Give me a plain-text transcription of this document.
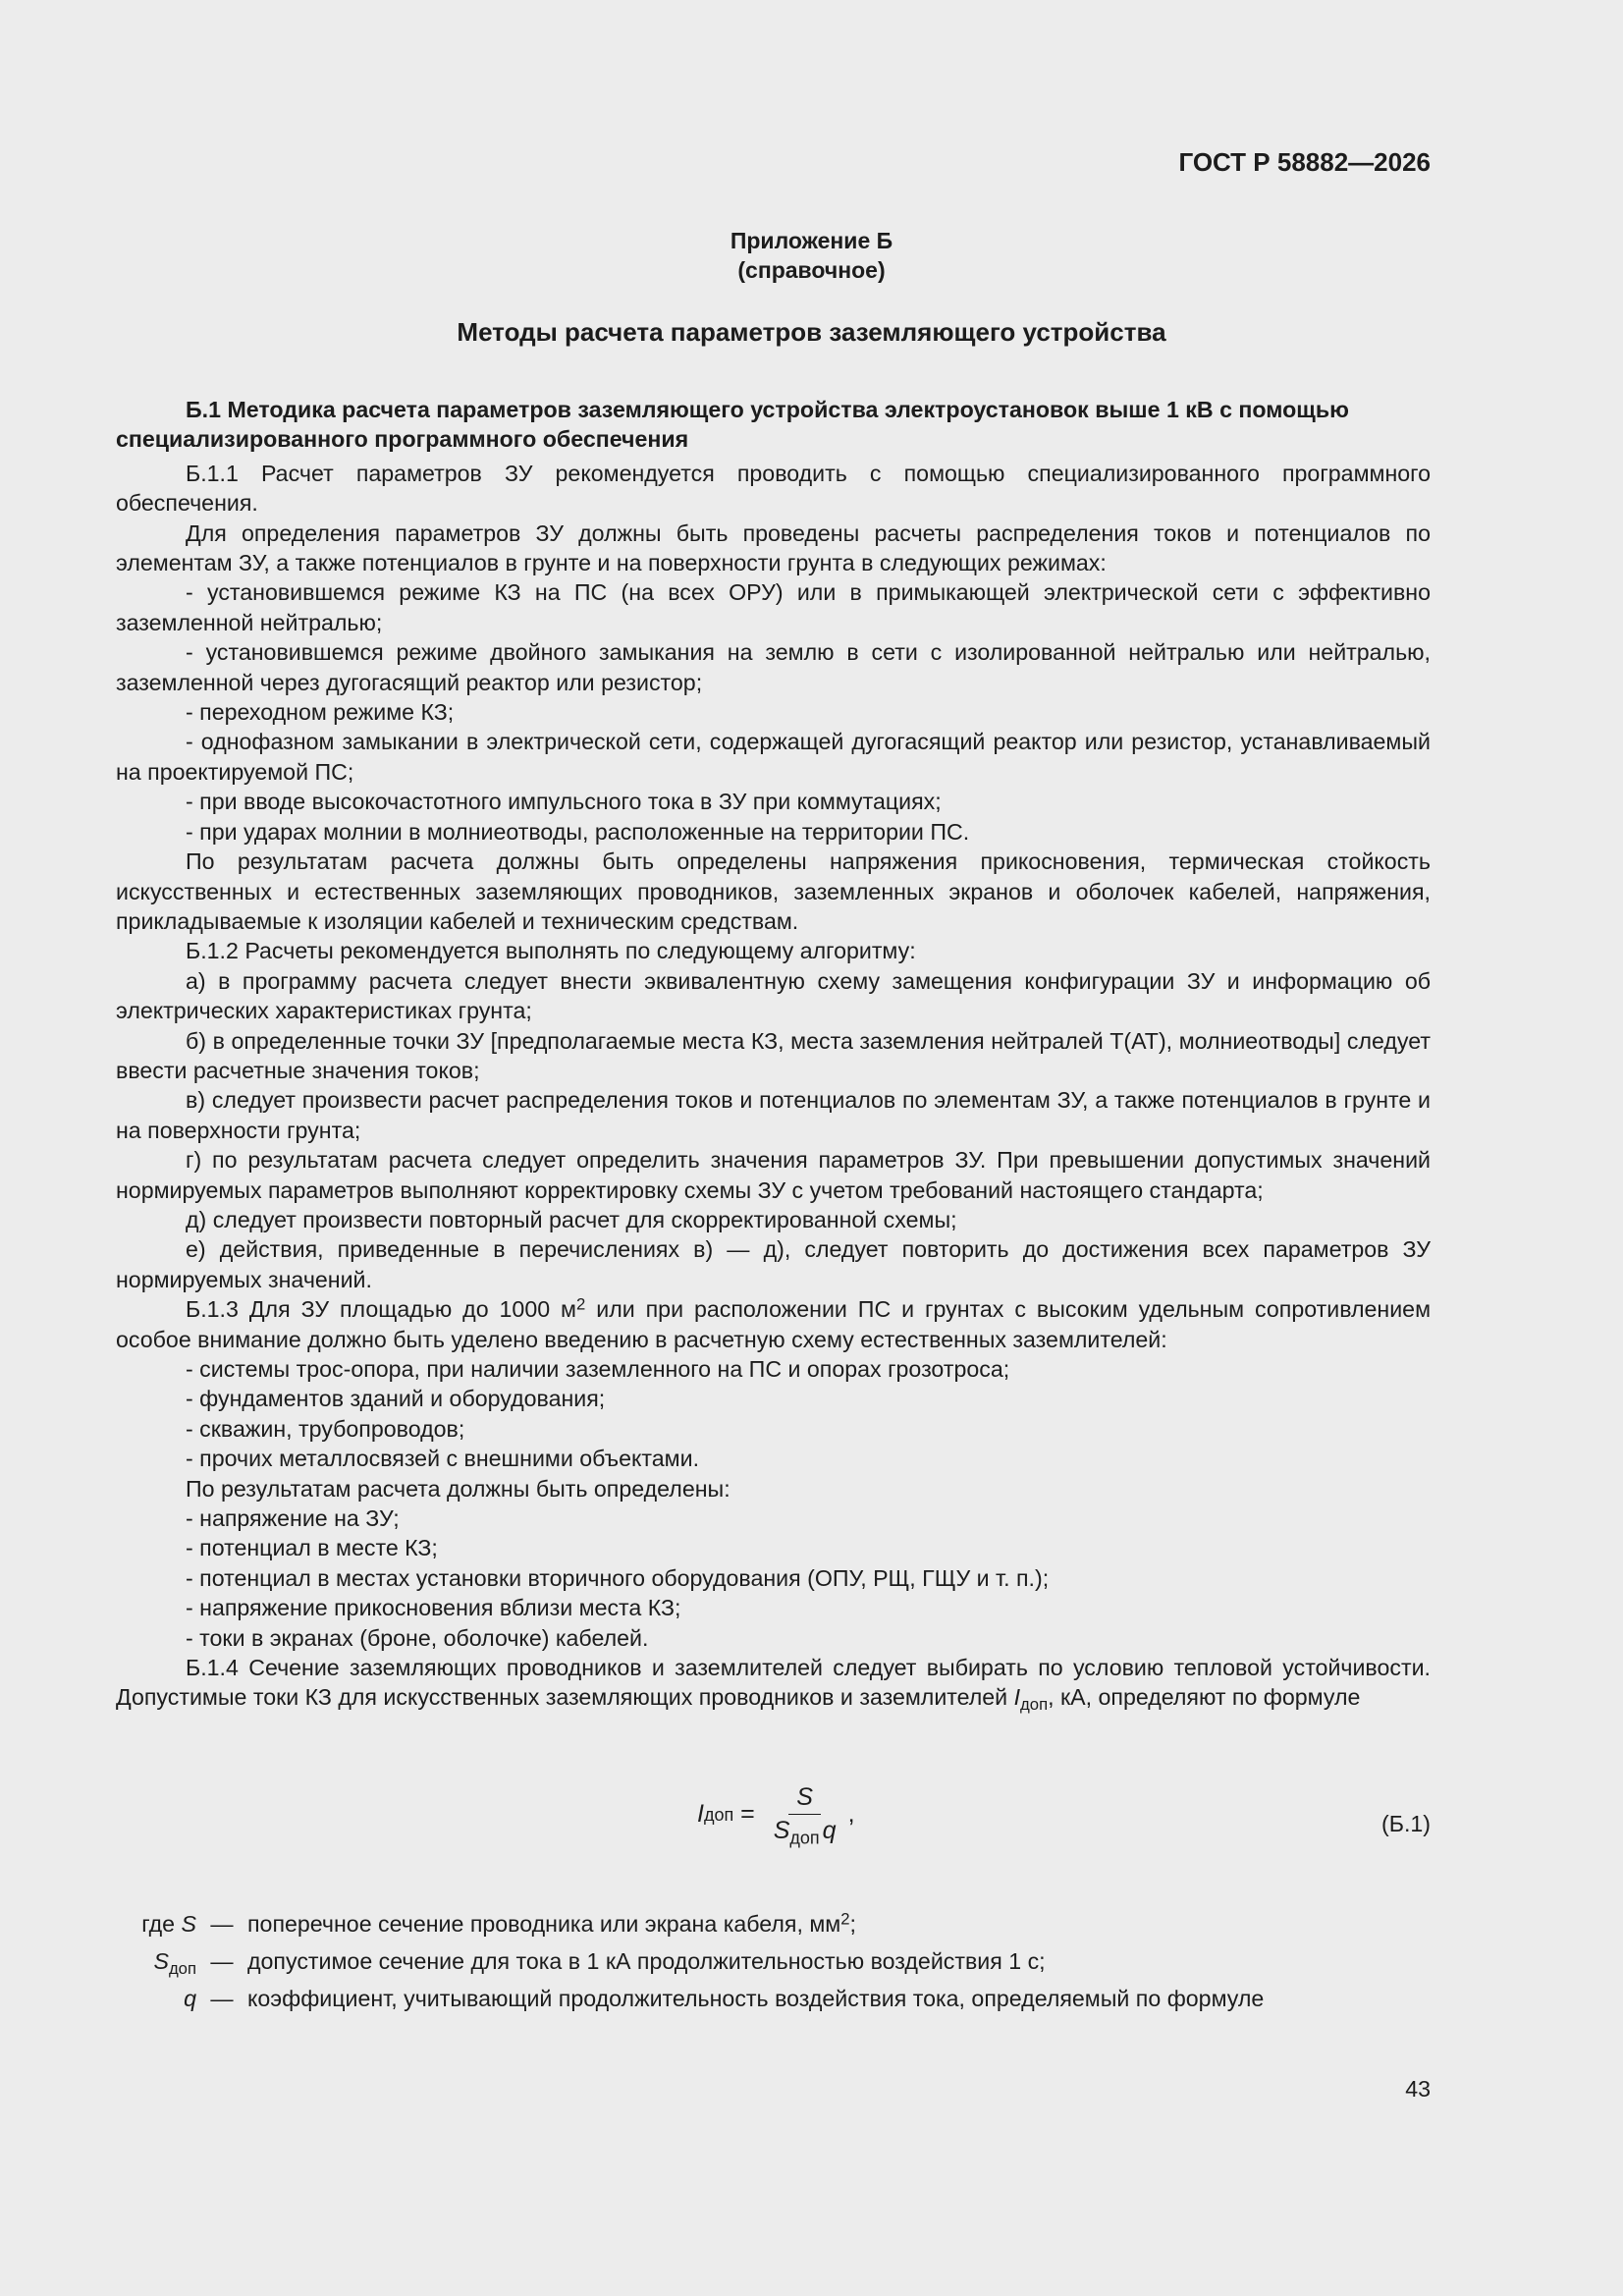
ГОСТ Р 58882—2026
Приложение Б
(справочное)
Методы расчета параметров заземляющего устройства

Б.1 Методика расчета параметров заземляющего устройства электроустановок выше 1 кВ с помощью специализированного программного обеспечения

Б.1.1 Расчет параметров ЗУ рекомендуется проводить с помощью специализированного программного обеспечения.

Для определения параметров ЗУ должны быть проведены расчеты распределения токов и потенциалов по элементам ЗУ, а также потенциалов в грунте и на поверхности грунта в следующих режимах:

- установившемся режиме КЗ на ПС (на всех ОРУ) или в примыкающей электрической сети с эффективно заземленной нейтралью;

- установившемся режиме двойного замыкания на землю в сети с изолированной нейтралью или нейтралью, заземленной через дугогасящий реактор или резистор;

- переходном режиме КЗ;

- однофазном замыкании в электрической сети, содержащей дугогасящий реактор или резистор, устанавливаемый на проектируемой ПС;

- при вводе высокочастотного импульсного тока в ЗУ при коммутациях;

- при ударах молнии в молниеотводы, расположенные на территории ПС.

По результатам расчета должны быть определены напряжения прикосновения, термическая стойкость искусственных и естественных заземляющих проводников, заземленных экранов и оболочек кабелей, напряжения, прикладываемые к изоляции кабелей и техническим средствам.

Б.1.2 Расчеты рекомендуется выполнять по следующему алгоритму:

а) в программу расчета следует внести эквивалентную схему замещения конфигурации ЗУ и информацию об электрических характеристиках грунта;

б) в определенные точки ЗУ [предполагаемые места КЗ, места заземления нейтралей Т(АТ), молниеотводы] следует ввести расчетные значения токов;

в) следует произвести расчет распределения токов и потенциалов по элементам ЗУ, а также потенциалов в грунте и на поверхности грунта;

г) по результатам расчета следует определить значения параметров ЗУ. При превышении допустимых значений нормируемых параметров выполняют корректировку схемы ЗУ с учетом требований настоящего стандарта;

д) следует произвести повторный расчет для скорректированной схемы;

е) действия, приведенные в перечислениях в) — д), следует повторить до достижения всех параметров ЗУ нормируемых значений.

Б.1.3 Для ЗУ площадью до 1000 $м^2$ или при расположении ПС и грунтах с высоким удельным сопротивлением особое внимание должно быть уделено введению в расчетную схему естественных заземлителей:

- системы трос-опора, при наличии заземленного на ПС и опорах грозотроса;

- фундаментов зданий и оборудования;

- скважин, трубопроводов;

- прочих металлосвязей с внешними объектами.

По результатам расчета должны быть определены:

- напряжение на ЗУ;

- потенциал в месте КЗ;

- потенциал в местах установки вторичного оборудования (ОПУ, РЩ, ГЩУ и т. п.);

- напряжение прикосновения вблизи места КЗ;

- токи в экранах (броне, оболочке) кабелей.

Б.1.4 Сечение заземляющих проводников и заземлителей следует выбирать по условию тепловой устойчивости. Допустимые токи КЗ для искусственных заземляющих проводников и заземлителей $I_{доп}$, кА, определяют по формуле

I доп = $\frac{S}{S_{доп} q}$ ,	(Б.1)
где S — поперечное сечение проводника или экрана кабеля, $мм^2$;
$S_{доп}$ — допустимое сечение для тока в 1 кА продолжительностью воздействия 1 с;
q — коэффициент, учитывающий продолжительность воздействия тока, определяемый по формуле
43
